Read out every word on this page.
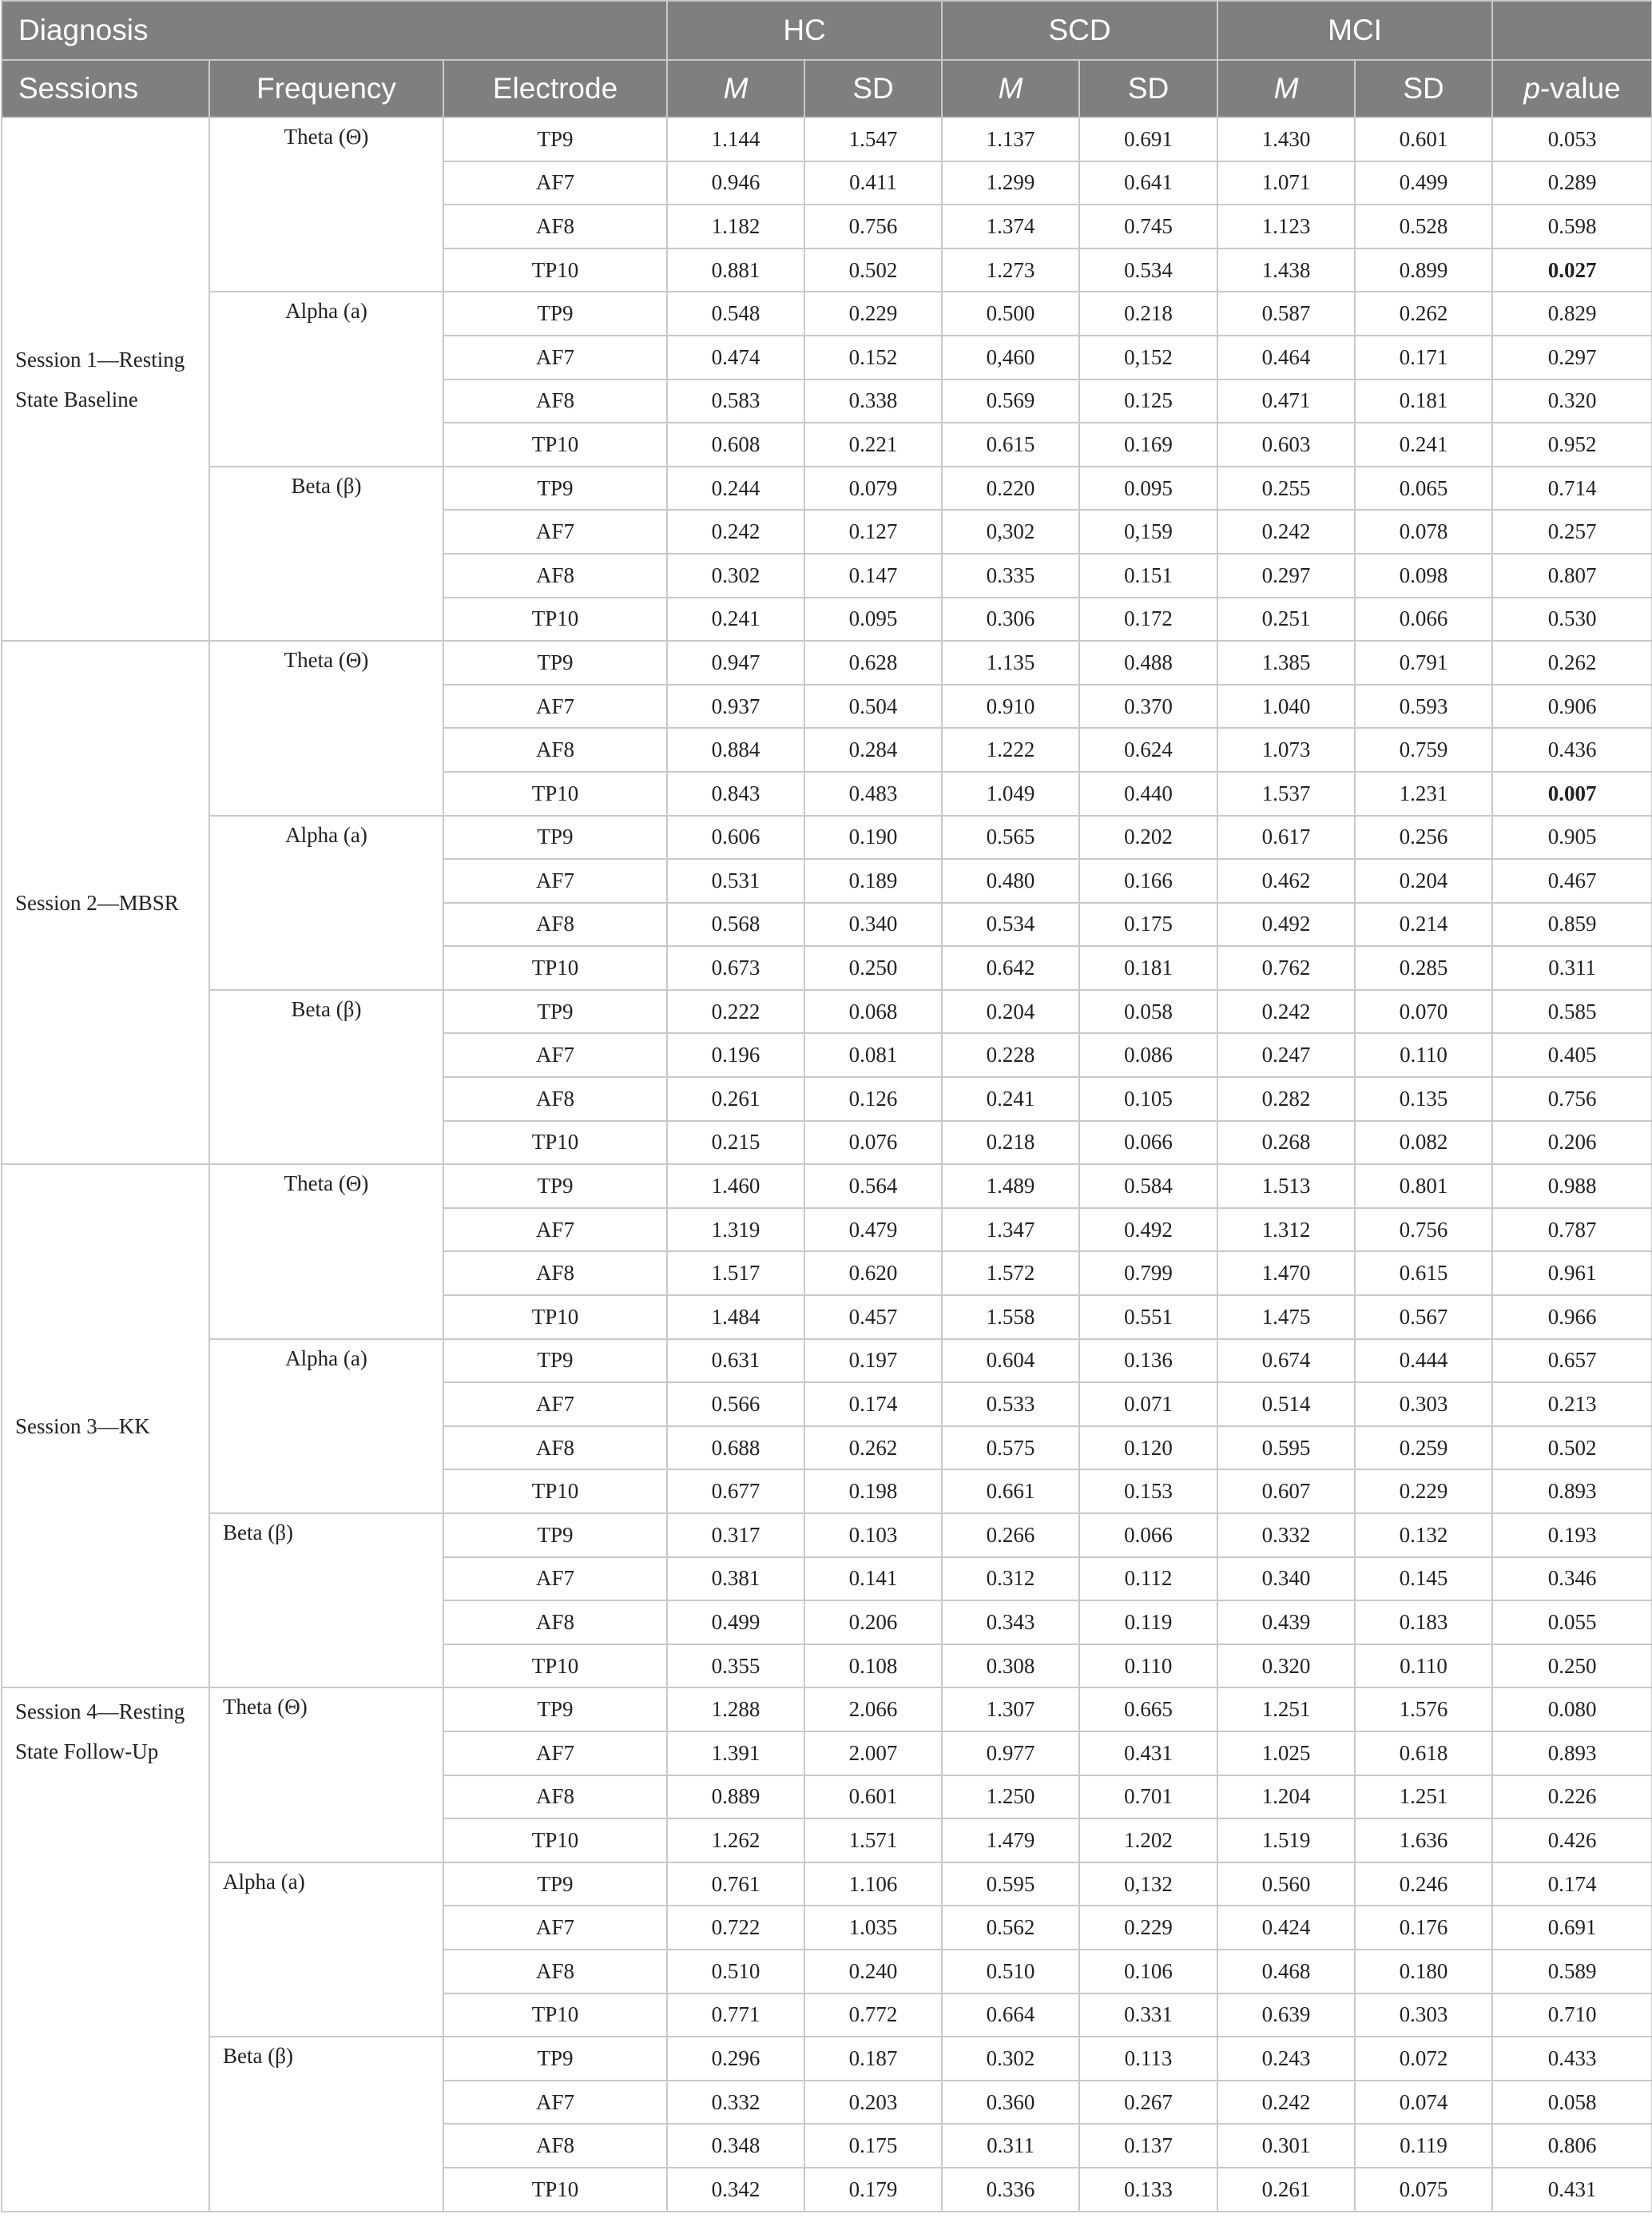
Diagnosis			HC		SCD		MCI		
Sessions	Frequency	Electrode	M	SD	M	SD	M	SD	p-value
Session 1—Resting State Baseline	Theta (Θ)	TP9	1.144	1.547	1.137	0.691	1.430	0.601	0.053
		AF7	0.946	0.411	1.299	0.641	1.071	0.499	0.289
		AF8	1.182	0.756	1.374	0.745	1.123	0.528	0.598
		TP10	0.881	0.502	1.273	0.534	1.438	0.899	0.027
	Alpha (a)	TP9	0.548	0.229	0.500	0.218	0.587	0.262	0.829
		AF7	0.474	0.152	0,460	0,152	0.464	0.171	0.297
		AF8	0.583	0.338	0.569	0.125	0.471	0.181	0.320
		TP10	0.608	0.221	0.615	0.169	0.603	0.241	0.952
	Beta (β)	TP9	0.244	0.079	0.220	0.095	0.255	0.065	0.714
		AF7	0.242	0.127	0,302	0,159	0.242	0.078	0.257
		AF8	0.302	0.147	0.335	0.151	0.297	0.098	0.807
		TP10	0.241	0.095	0.306	0.172	0.251	0.066	0.530
Session 2—MBSR	Theta (Θ)	TP9	0.947	0.628	1.135	0.488	1.385	0.791	0.262
		AF7	0.937	0.504	0.910	0.370	1.040	0.593	0.906
		AF8	0.884	0.284	1.222	0.624	1.073	0.759	0.436
		TP10	0.843	0.483	1.049	0.440	1.537	1.231	0.007
	Alpha (a)	TP9	0.606	0.190	0.565	0.202	0.617	0.256	0.905
		AF7	0.531	0.189	0.480	0.166	0.462	0.204	0.467
		AF8	0.568	0.340	0.534	0.175	0.492	0.214	0.859
		TP10	0.673	0.250	0.642	0.181	0.762	0.285	0.311
	Beta (β)	TP9	0.222	0.068	0.204	0.058	0.242	0.070	0.585
		AF7	0.196	0.081	0.228	0.086	0.247	0.110	0.405
		AF8	0.261	0.126	0.241	0.105	0.282	0.135	0.756
		TP10	0.215	0.076	0.218	0.066	0.268	0.082	0.206
Session 3—KK	Theta (Θ)	TP9	1.460	0.564	1.489	0.584	1.513	0.801	0.988
		AF7	1.319	0.479	1.347	0.492	1.312	0.756	0.787
		AF8	1.517	0.620	1.572	0.799	1.470	0.615	0.961
		TP10	1.484	0.457	1.558	0.551	1.475	0.567	0.966
	Alpha (a)	TP9	0.631	0.197	0.604	0.136	0.674	0.444	0.657
		AF7	0.566	0.174	0.533	0.071	0.514	0.303	0.213
		AF8	0.688	0.262	0.575	0.120	0.595	0.259	0.502
		TP10	0.677	0.198	0.661	0.153	0.607	0.229	0.893
	Beta (β)	TP9	0.317	0.103	0.266	0.066	0.332	0.132	0.193
		AF7	0.381	0.141	0.312	0.112	0.340	0.145	0.346
		AF8	0.499	0.206	0.343	0.119	0.439	0.183	0.055
		TP10	0.355	0.108	0.308	0.110	0.320	0.110	0.250
Session 4—Resting State Follow-Up	Theta (Θ)	TP9	1.288	2.066	1.307	0.665	1.251	1.576	0.080
		AF7	1.391	2.007	0.977	0.431	1.025	0.618	0.893
		AF8	0.889	0.601	1.250	0.701	1.204	1.251	0.226
		TP10	1.262	1.571	1.479	1.202	1.519	1.636	0.426
	Alpha (a)	TP9	0.761	1.106	0.595	0,132	0.560	0.246	0.174
		AF7	0.722	1.035	0.562	0.229	0.424	0.176	0.691
		AF8	0.510	0.240	0.510	0.106	0.468	0.180	0.589
		TP10	0.771	0.772	0.664	0.331	0.639	0.303	0.710
	Beta (β)	TP9	0.296	0.187	0.302	0.113	0.243	0.072	0.433
		AF7	0.332	0.203	0.360	0.267	0.242	0.074	0.058
		AF8	0.348	0.175	0.311	0.137	0.301	0.119	0.806
		TP10	0.342	0.179	0.336	0.133	0.261	0.075	0.431
